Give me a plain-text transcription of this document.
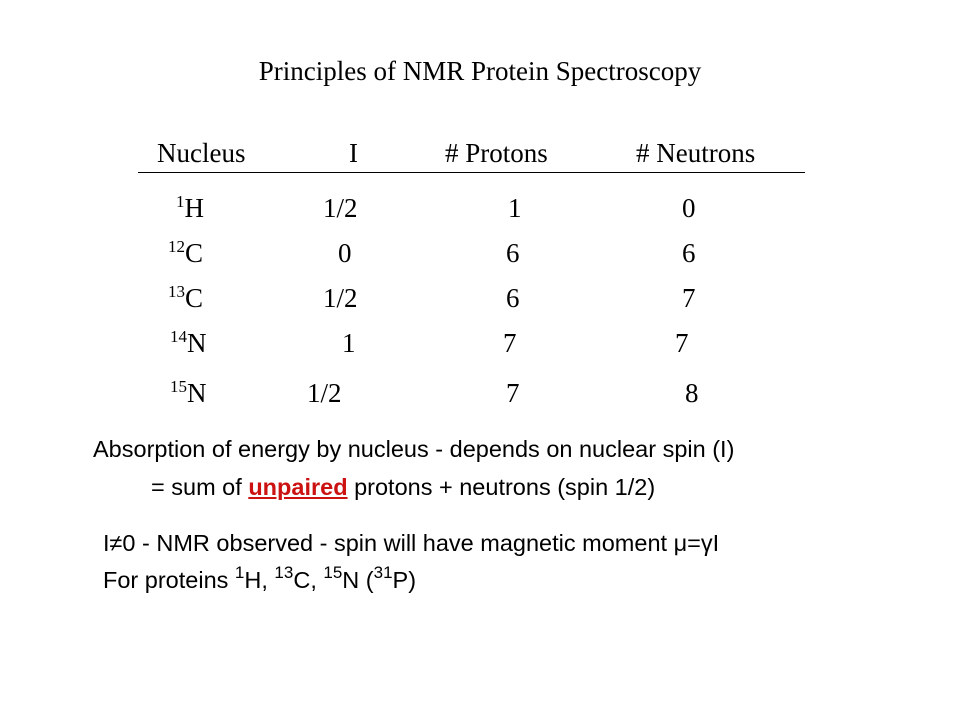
Principles of NMR Protein Spectroscopy
Nucleus	I	# Protons	# Neutrons
$^1$H	1/2	1	0
$^{12}$C	0	6	6
$^{13}$C	1/2	6	7
$^{14}$N	1	7	7
$^{15}$N	1/2	7	8
Absorption of energy by nucleus - depends on nuclear spin (I)
= sum of unpaired protons + neutrons (spin 1/2)
I≠0 - NMR observed - spin will have magnetic moment μ=γI
For proteins $^1$H, $^{13}$C, $^{15}$N ($^{31}$P)
